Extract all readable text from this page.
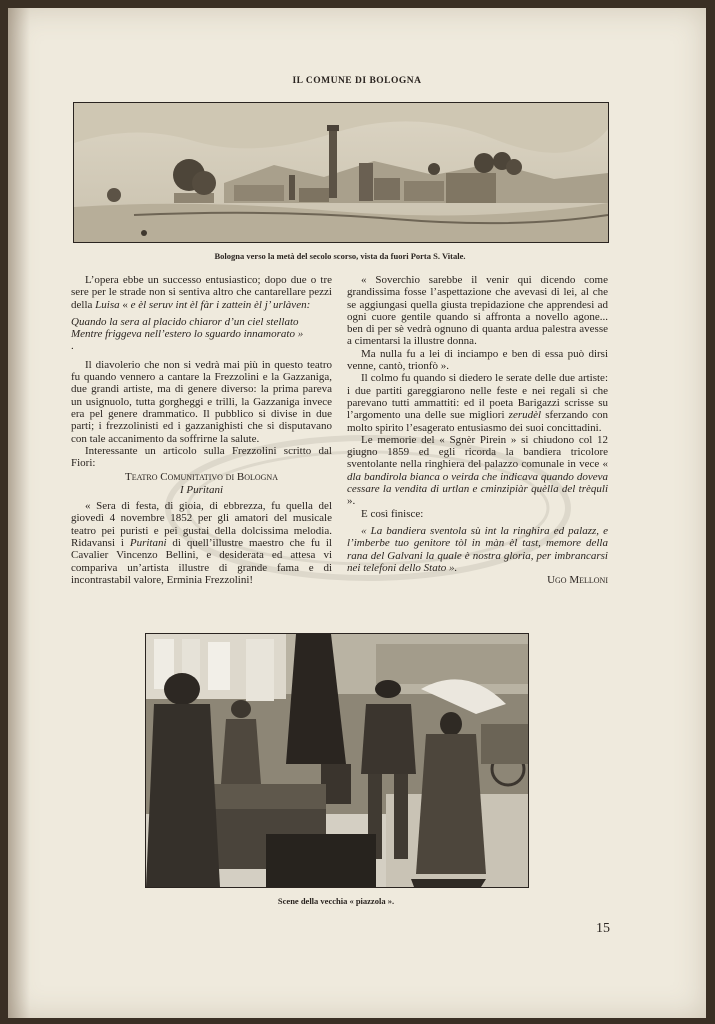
IL COMUNE DI BOLOGNA
Bologna verso la metà del secolo scorso, vista da fuori Porta S. Vitale.

L’opera ebbe un successo entusiastico; dopo due o tre sere per le strade non si sentiva altro che cantarellare pezzi della Luisa « e èl seruv int èl fàr i zattein èl j’ urlàven:

Quando la sera al placido chiaror d’un ciel stellato
Mentre friggeva nell’estero lo sguardo innamorato »
.

Il diavolerio che non si vedrà mai più in questo teatro fu quando vennero a cantare la Frezzolini e la Gazzaniga, due grandi artiste, ma di genere diverso: la prima pareva un usignuolo, tutta gorgheggi e trilli, la Gazzaniga invece era pel genere drammatico. Il pubblico si divise in due parti; i frezzolinisti ed i gazzanighisti che si disputavano con tale accanimento da soffrirne la salute.

Interessante un articolo sulla Frezzolini scritto dal Fiori:

Teatro Comunitativo di Bologna

I Puritani

« Sera di festa, di gioia, di ebbrezza, fu quella del giovedì 4 novembre 1852 per gli amatori del musicale teatro pei puristi e pei gustai della dolcissima melodia. Ridavansi i Puritani di quell’illustre maestro che fu il Cavalier Vincenzo Bellini, e desiderata ed attesa vi compariva un’artista illustre di grande fama e di incontrastabil valore, Erminia Frezzolini!

« Soverchio sarebbe il venir qui dicendo come grandissima fosse l’aspettazione che avevasi di lei, al che se aggiungasi quella giusta trepidazione che apprendesi ad ogni cuore gentile quando si affronta a novello agone... ben di per sè vedrà ognuno di quanta ardua palestra avesse a cimentarsi la illustre donna.

Ma nulla fu a lei di inciampo e ben di essa può dirsi venne, cantò, trionfò ».

Il colmo fu quando si diedero le serate delle due artiste: i due partiti gareggiarono nelle feste e nei regali sì che parevano tutti ammattiti: ed il poeta Barigazzi scrisse su l’argomento una delle sue migliori zerudèl sferzando con molto spirito l’esagerato entusiasmo dei suoi concittadini.

Le memorie del « Sgnèr Pirein » si chiudono col 12 giugno 1859 ed egli ricorda la bandiera tricolore sventolante nella ringhiera del palazzo comunale in vece « dla bandirola bianca o veirda che indicava quando doveva cessare la vendita di urtlan e cminzipiàr quèlla del trèquli ».

E così finisce:

« La bandiera sventola sù int la ringhira ed palazz, e l’imberbe tuo genitore tòl in màn èl tast, memore della rana del Galvani la quale è nostra gloria, per imbrancarsi nei telefoni dello Stato ».

Ugo Melloni

Scene della vecchia « piazzola ».
15
